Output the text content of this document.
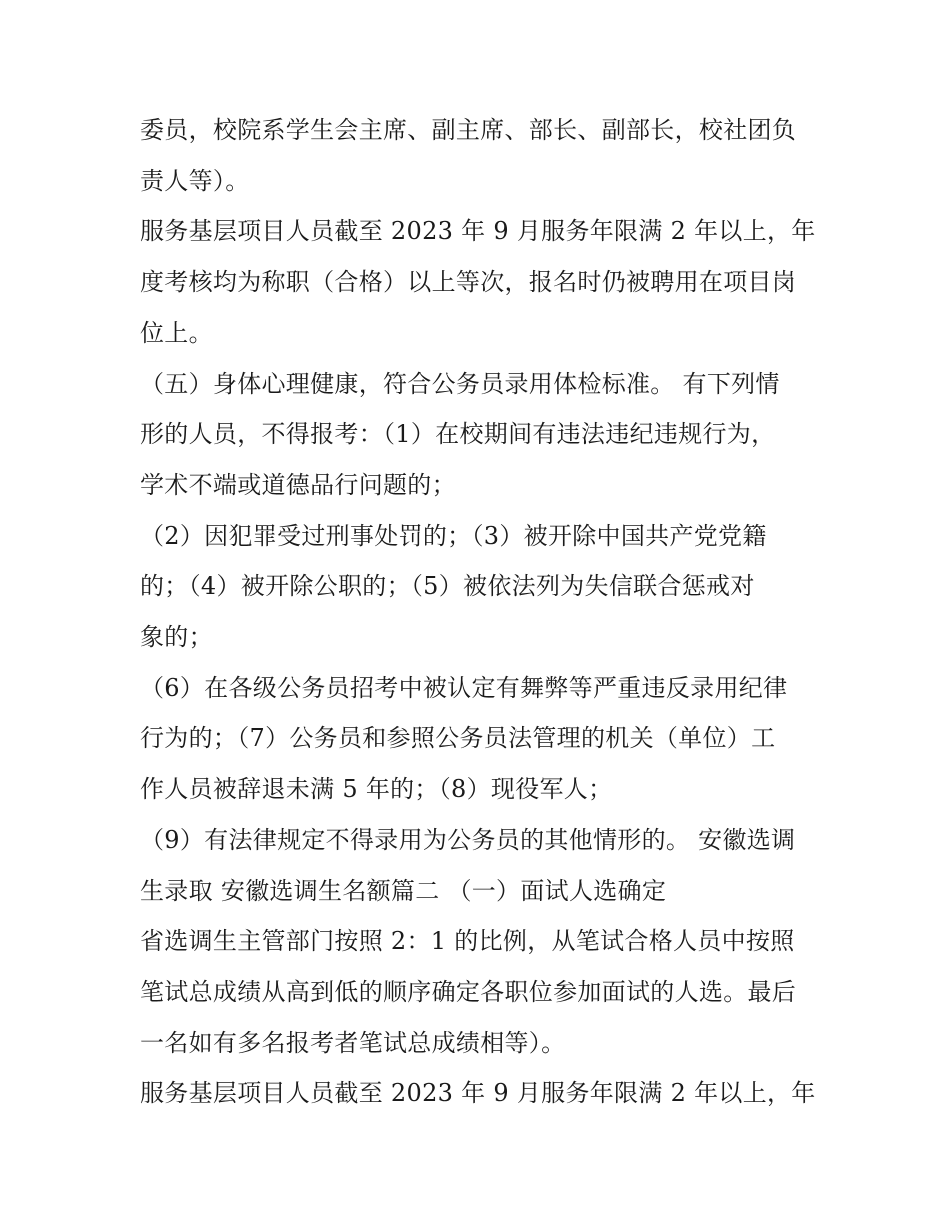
委员，校院系学生会主席、副主席、部长、副部长，校社团负
责人等）。
服务基层项目人员截至 2023 年 9 月服务年限满 2 年以上，年
度考核均为称职（合格）以上等次，报名时仍被聘用在项目岗
位上。
（五）身体心理健康，符合公务员录用体检标准。 有下列情
形的人员，不得报考：（1）在校期间有违法违纪违规行为，
学术不端或道德品行问题的；
（2）因犯罪受过刑事处罚的；（3）被开除中国共产党党籍
的；（4）被开除公职的；（5）被依法列为失信联合惩戒对
象的；
（6）在各级公务员招考中被认定有舞弊等严重违反录用纪律
行为的；（7）公务员和参照公务员法管理的机关（单位）工
作人员被辞退未满 5 年的；（8）现役军人；
（9）有法律规定不得录用为公务员的其他情形的。 安徽选调
生录取 安徽选调生名额篇二 （一）面试人选确定
省选调生主管部门按照 2：1 的比例，从笔试合格人员中按照
笔试总成绩从高到低的顺序确定各职位参加面试的人选。最后
一名如有多名报考者笔试总成绩相等）。
服务基层项目人员截至 2023 年 9 月服务年限满 2 年以上，年
